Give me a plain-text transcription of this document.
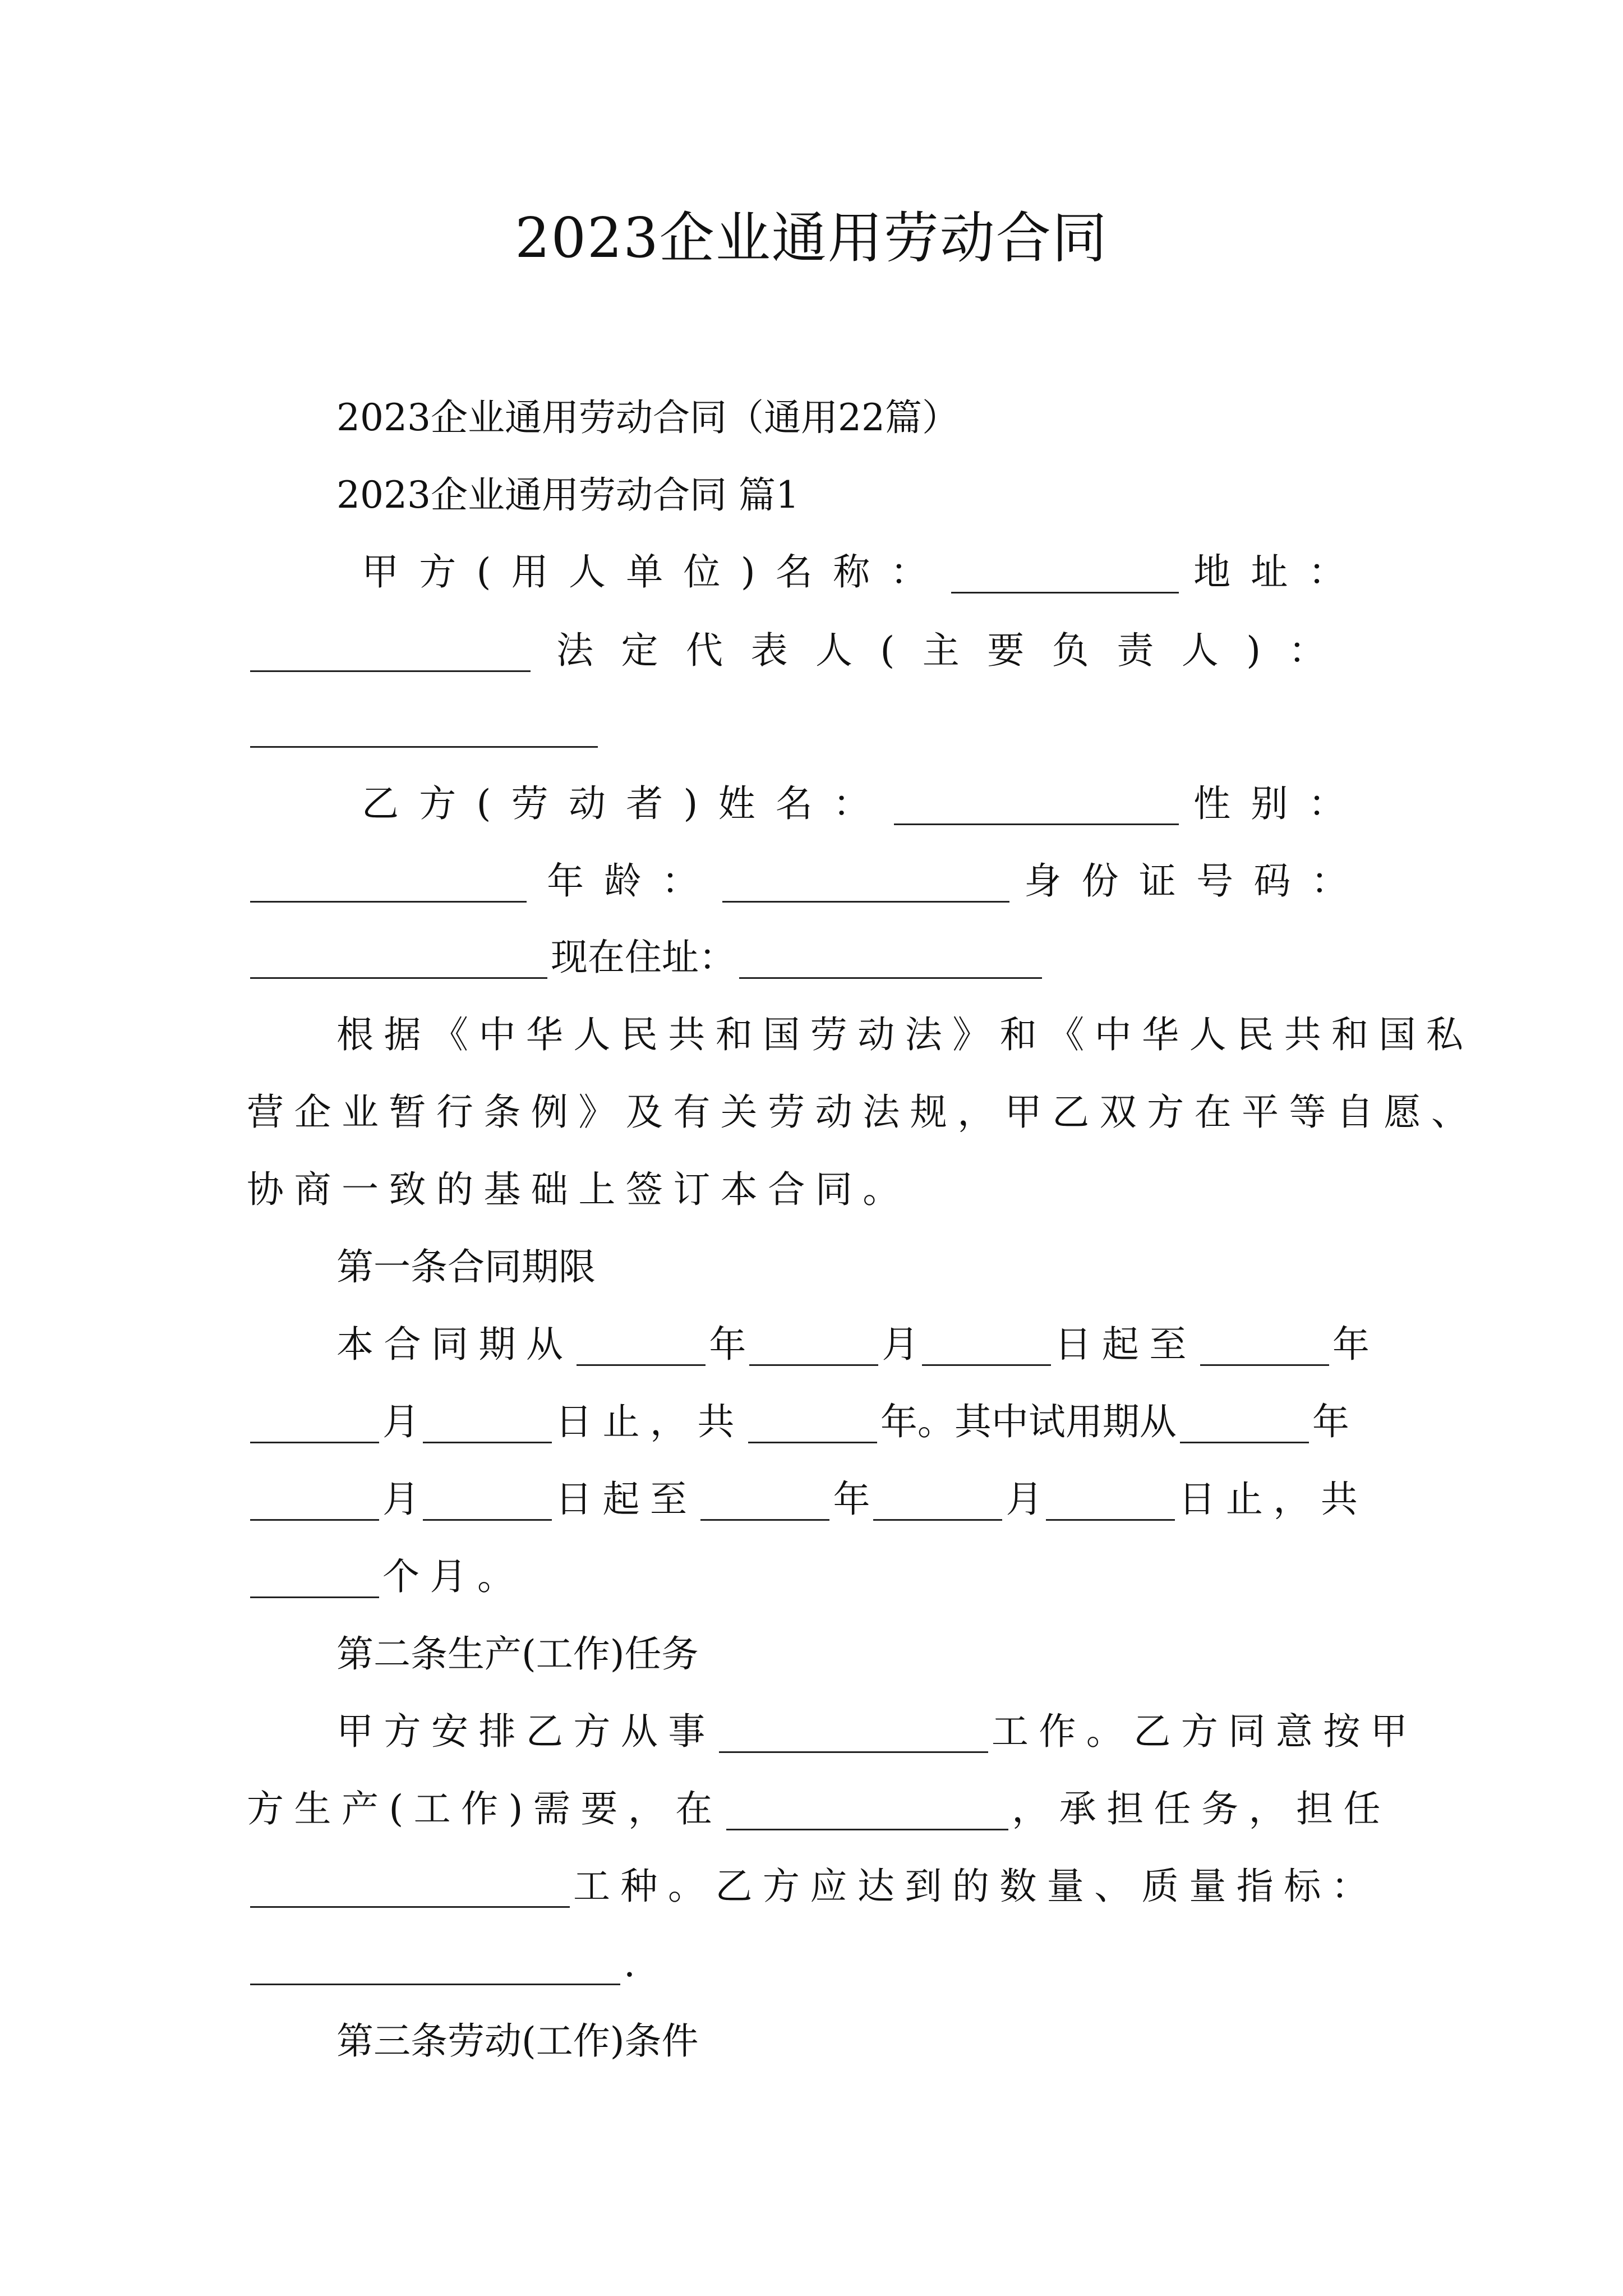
2023企业通用劳动合同
2023企业通用劳动合同（通用22篇）
2023企业通用劳动合同 篇1
甲方(用人单位)名称：	地址：
法定代表人(主要负责人)：
乙方(劳动者)姓名：	性别：
年龄：	身份证号码：
现在住址：
根据《中华人民共和国劳动法》和《中华人民共和国私
营企业暂行条例》及有关劳动法规，甲乙双方在平等自愿、
协商一致的基础上签订本合同。
第一条合同期限
本合同期从	年	月	日起至	年
月	日止，共	年。其中试用期从	年
月	日起至	年	月	日止，共
个月。
第二条生产(工作)任务
甲方安排乙方从事	工作。乙方同意按甲
方生产(工作)需要，在	，承担任务，担任
工种。乙方应达到的数量、质量指标：
.
第三条劳动(工作)条件
